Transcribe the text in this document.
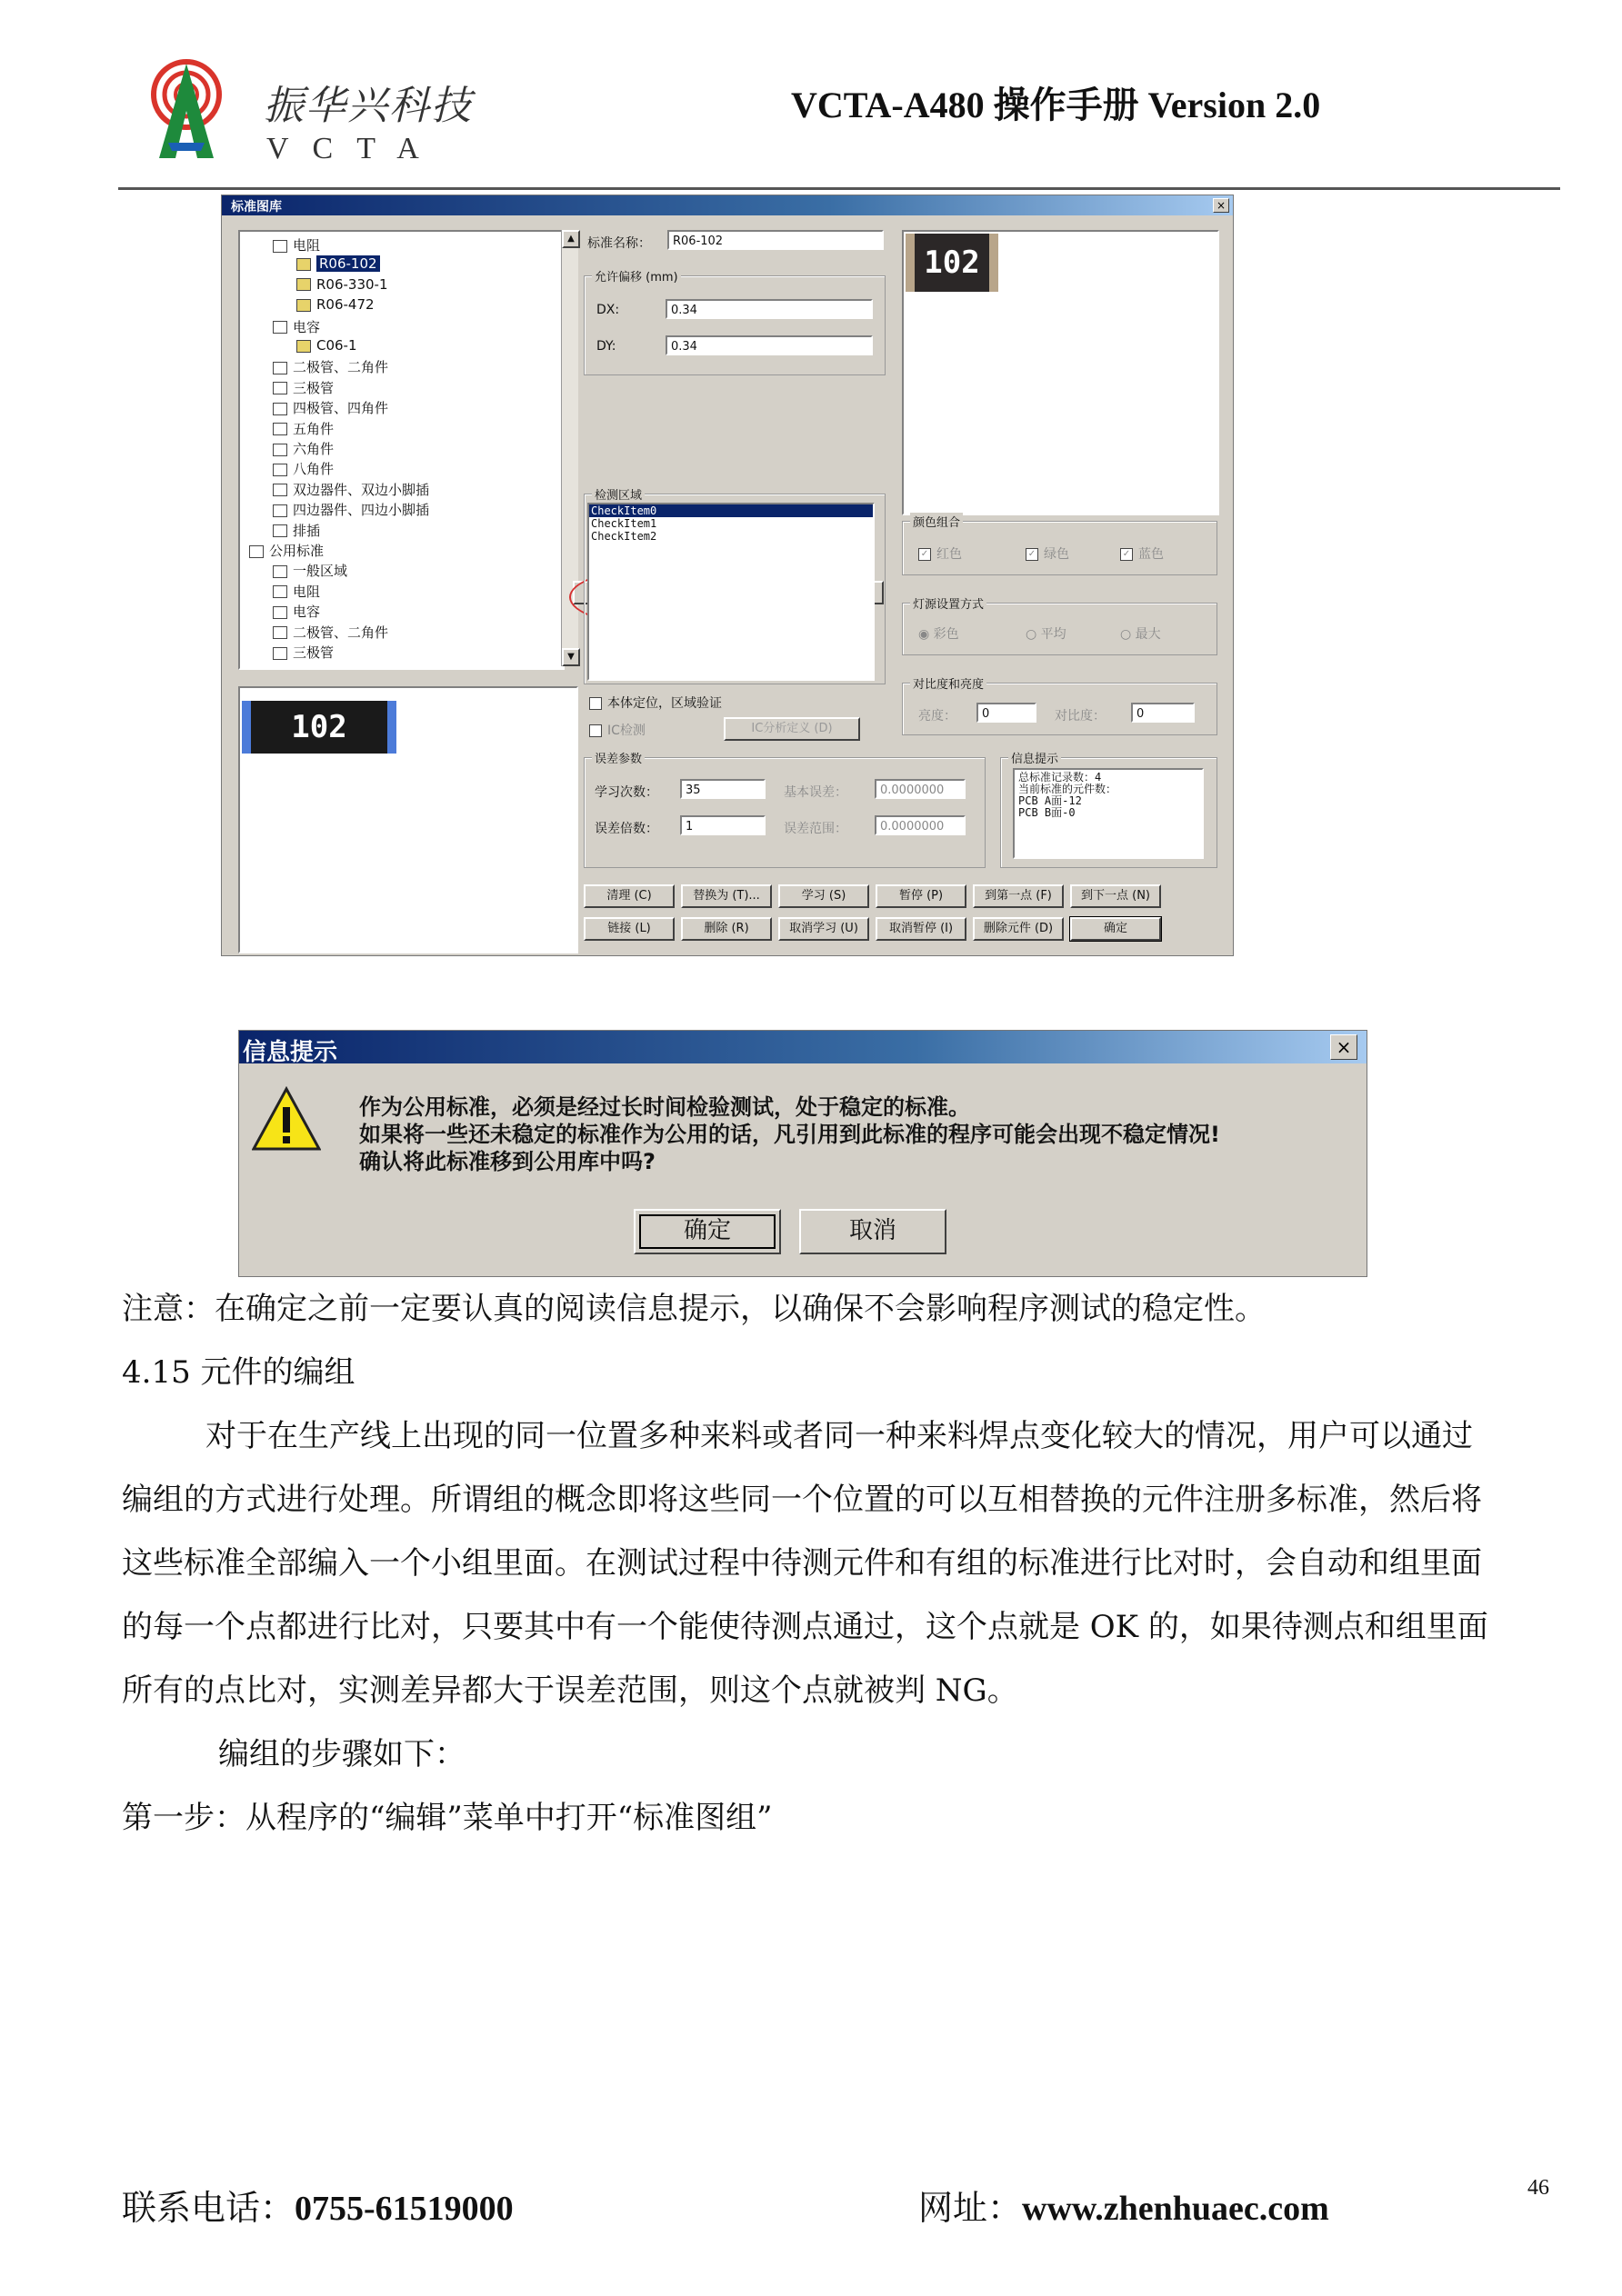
振华兴科技
VCTA
VCTA-A480 操作手册 Version 2.0
标准图库	×
电阻
R06-102
R06-330-1
R06-472
电容
C06-1
二极管、二角件
三极管
四极管、四角件
五角件
六角件
八角件
双边器件、双边小脚插
四边器件、四边小脚插
排插
公用标准
一般区域
电阻
电容
二极管、二角件
三极管
▲
▼
102
标准名称：	R06-102
允许偏移 (mm)
DX:	0.34
DY:	0.34
检测区域
CheckItem0
CheckItem1
CheckItem2
102
颜色组合
✓ 红色	✓ 绿色	✓ 蓝色
灯源设置方式
◉ 彩色	○ 平均	○ 最大
对比度和亮度
亮度：	0	对比度：	0
本体定位，区域验证
IC检测	IC分析定义 (D)
误差参数
学习次数：	35	基本误差：	0.0000000
误差倍数：	1	误差范围：	0.0000000
信息提示
总标准记录数：4
当前标准的元件数：
PCB A面-12
PCB B面-0
清理 (C)	替换为 (T)...	学习 (S)	暂停 (P)	到第一点 (F)	到下一点 (N)
链接 (L)	删除 (R)	取消学习 (U)	取消暂停 (I)	删除元件 (D)	确定
信息提示	×
作为公用标准，必须是经过长时间检验测试，处于稳定的标准。
如果将一些还未稳定的标准作为公用的话，凡引用到此标准的程序可能会出现不稳定情况!
确认将此标准移到公用库中吗?
确定	取消
注意：在确定之前一定要认真的阅读信息提示，以确保不会影响程序测试的稳定性。
4.15 元件的编组
对于在生产线上出现的同一位置多种来料或者同一种来料焊点变化较大的情况，用户可以通过
编组的方式进行处理。所谓组的概念即将这些同一个位置的可以互相替换的元件注册多标准，然后将
这些标准全部编入一个小组里面。在测试过程中待测元件和有组的标准进行比对时，会自动和组里面
的每一个点都进行比对，只要其中有一个能使待测点通过，这个点就是 OK 的，如果待测点和组里面
所有的点比对，实测差异都大于误差范围，则这个点就被判 NG。
编组的步骤如下：
第一步：从程序的“编辑”菜单中打开“标准图组”
联系电话：0755-61519000	网址：www.zhenhuaec.com
46
